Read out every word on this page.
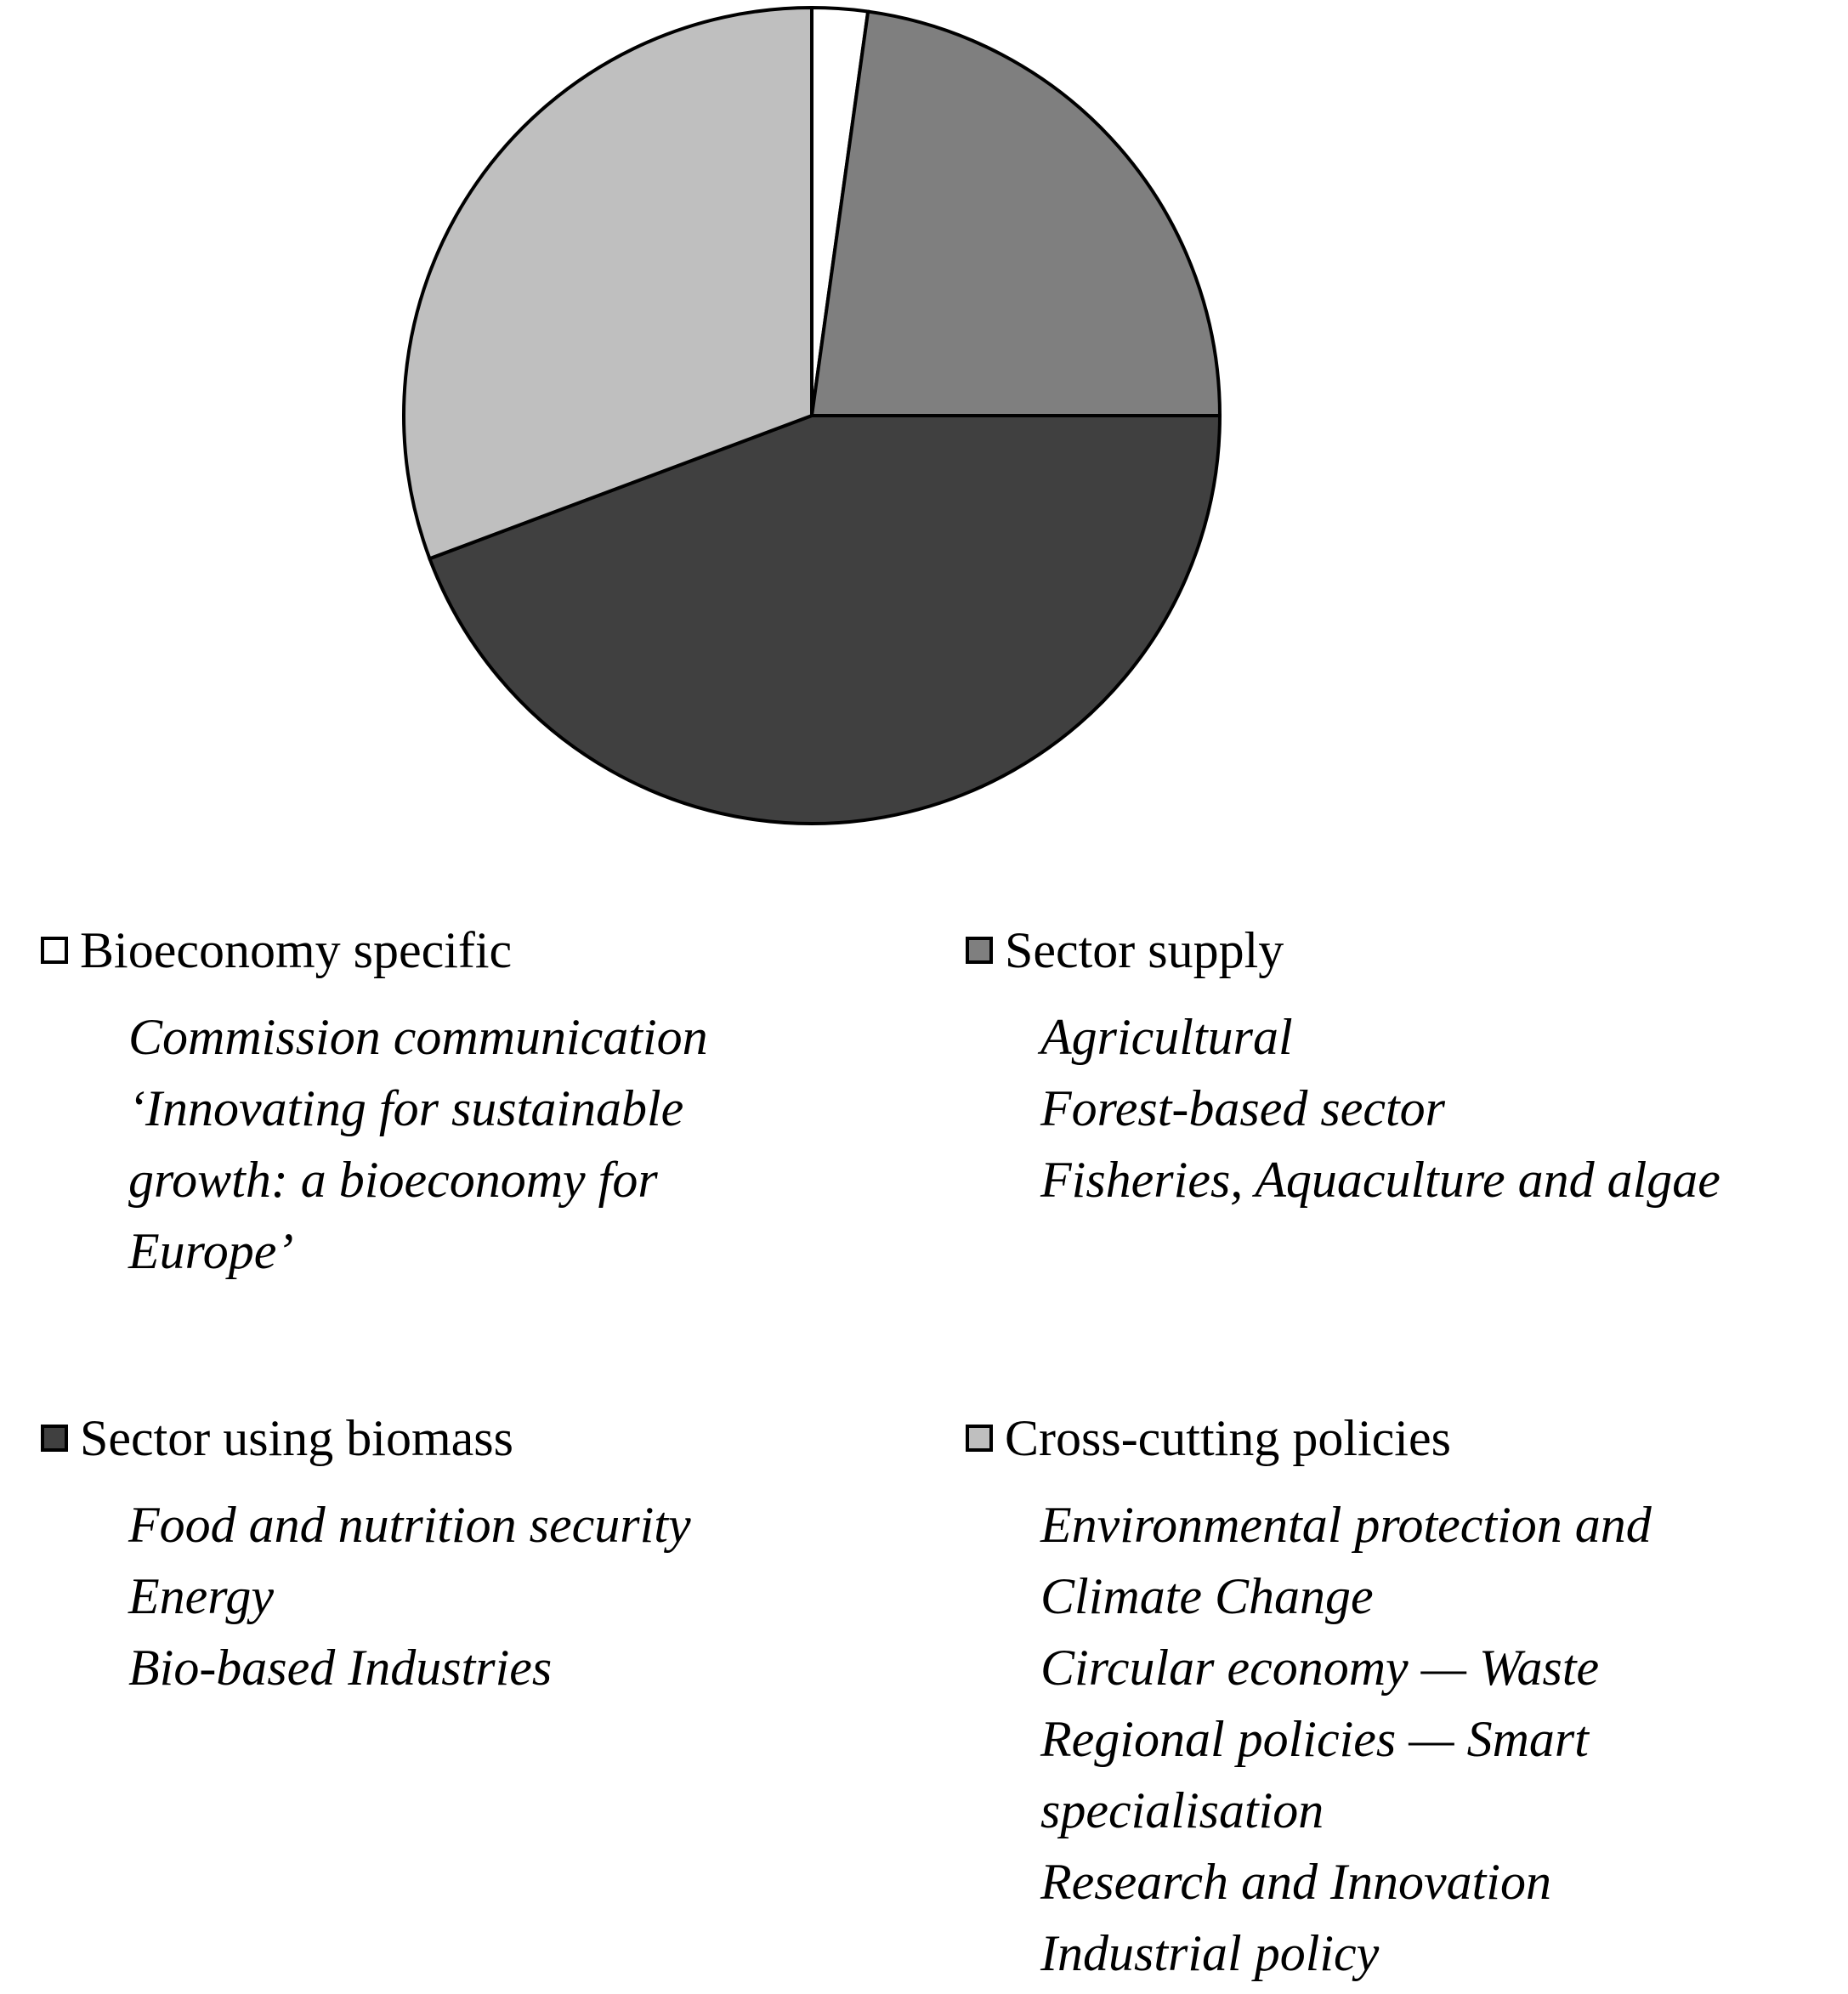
Bioeconomy specific
Commission communication
‘Innovating for sustainable
growth: a bioeconomy for
Europe’
Sector supply
Agricultural
Forest-based sector
Fisheries, Aquaculture and algae
Sector using biomass
Food and nutrition security
Energy
Bio-based Industries
Cross-cutting policies
Environmental protection and
Climate Change
Circular economy — Waste
Regional policies — Smart
specialisation
Research and Innovation
Industrial policy
